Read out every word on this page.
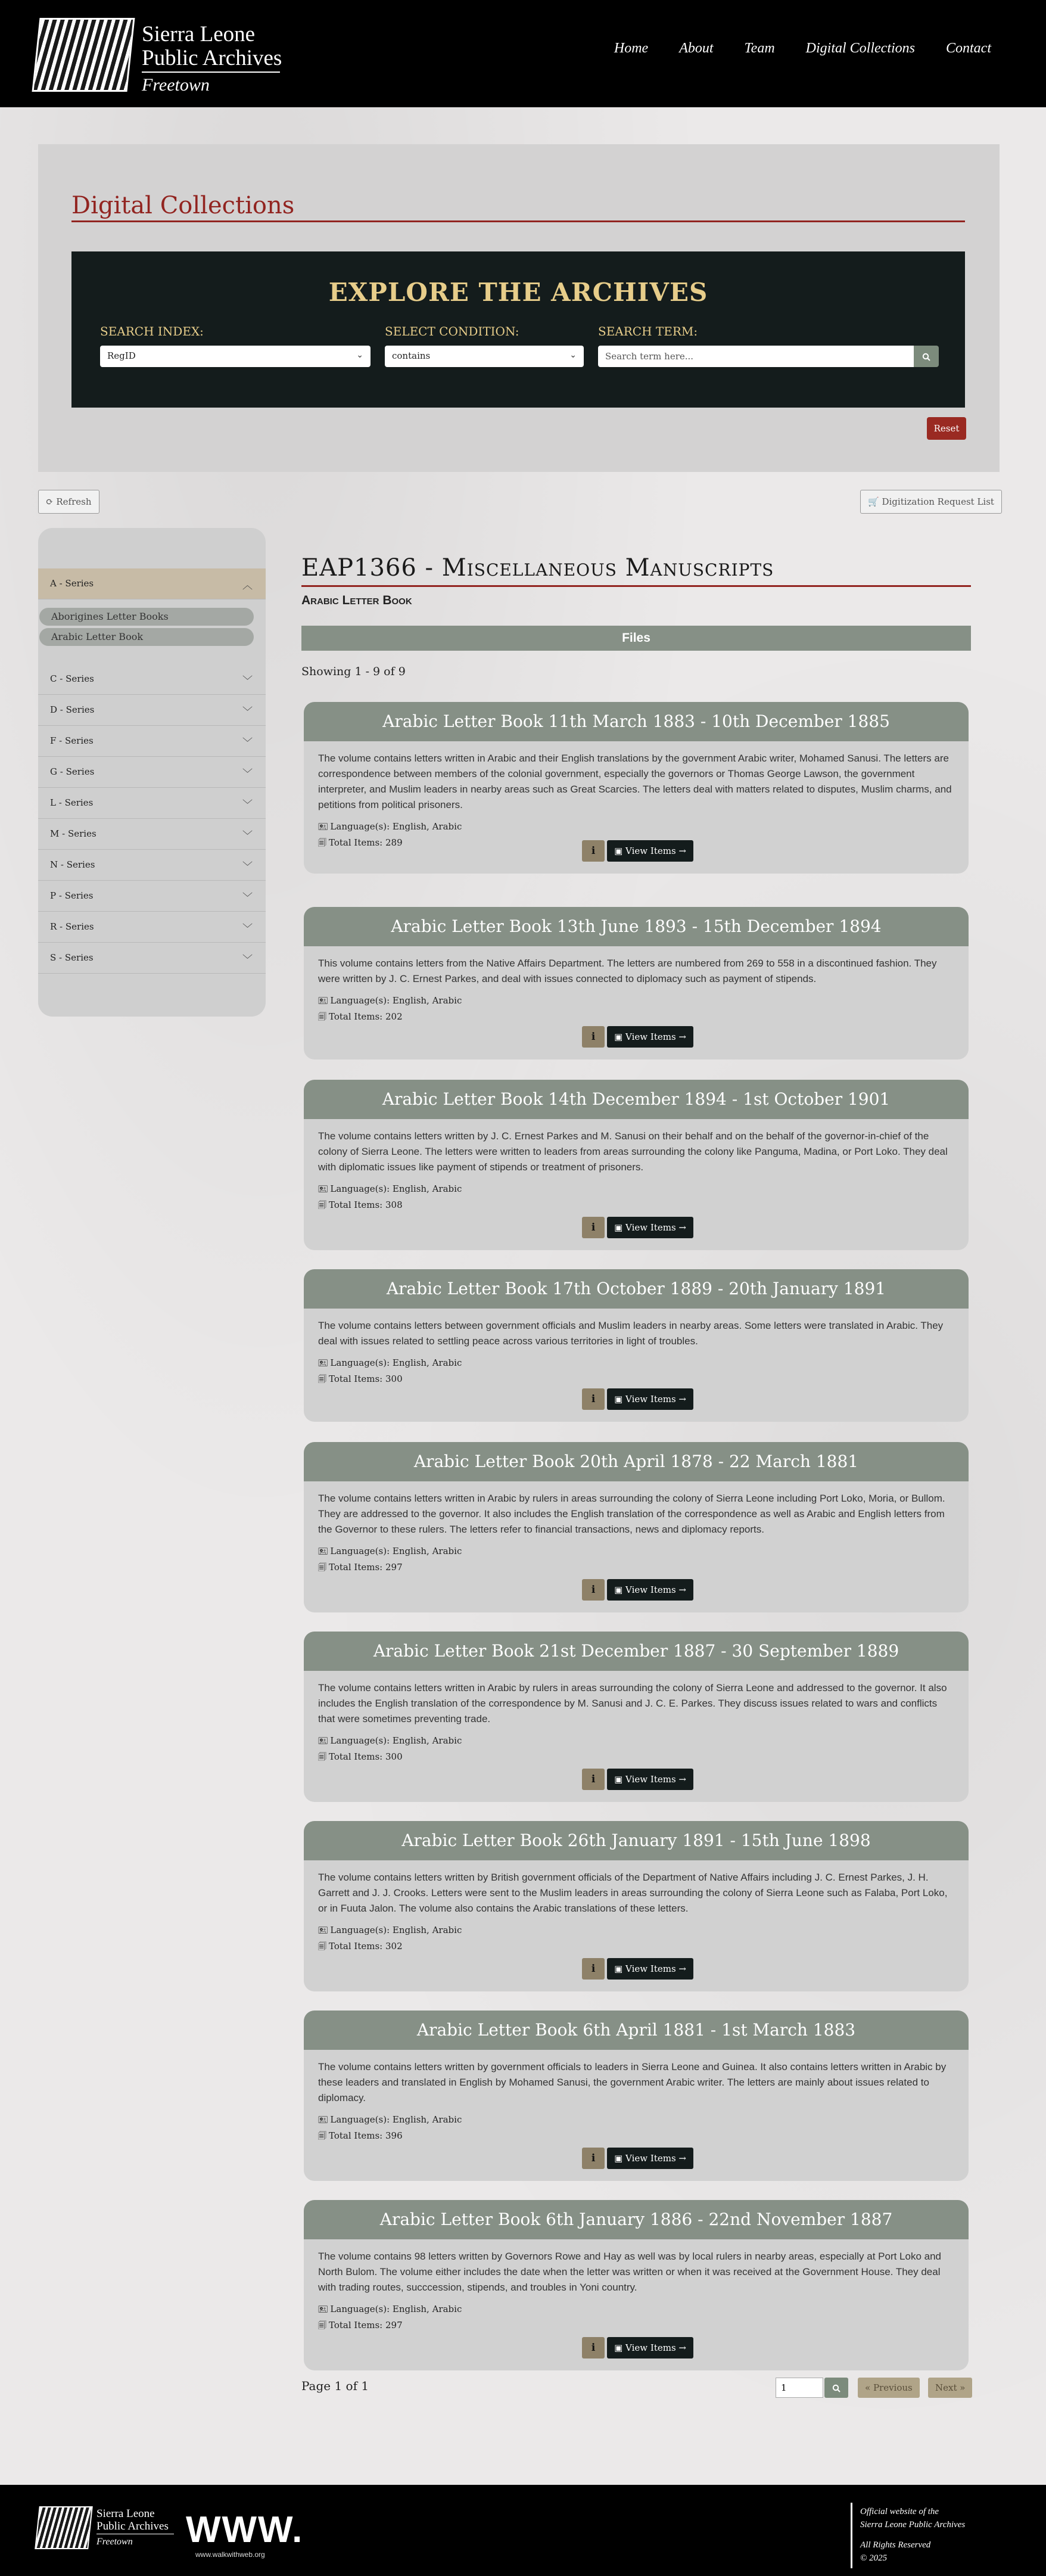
Sierra Leone
Public Archives
Freetown
Home About Team Digital Collections Contact
Digital Collections
EXPLORE THE ARCHIVES
SEARCH INDEX:
RegID	⌄
SELECT CONDITION:
contains	⌄
SEARCH TERM:
Search term here...
Reset
⟳ Refresh	🛒 Digitization Request List
A - Series	︿
Aborigines Letter Books
Arabic Letter Book
C - Series	﹀
D - Series	﹀
F - Series	﹀
G - Series	﹀
L - Series	﹀
M - Series	﹀
N - Series	﹀
P - Series	﹀
R - Series	﹀
S - Series	﹀
EAP1366 - Miscellaneous Manuscripts
Arabic Letter Book
Files
Showing 1 - 9 of 9
Arabic Letter Book 11th March 1883 - 10th December 1885
The volume contains letters written in Arabic and their English translations by the government Arabic writer, Mohamed Sanusi. The letters are correspondence between members of the colonial government, especially the governors or Thomas George Lawson, the government interpreter, and Muslim leaders in nearby areas such as Great Scarcies. The letters deal with matters related to disputes, Muslim charms, and petitions from political prisoners.
🖭 Language(s): English, Arabic
🗐 Total Items: 289
i	▣ View Items →
Arabic Letter Book 13th June 1893 - 15th December 1894
This volume contains letters from the Native Affairs Department. The letters are numbered from 269 to 558 in a discontinued fashion. They were written by J. C. Ernest Parkes, and deal with issues connected to diplomacy such as payment of stipends.
🖭 Language(s): English, Arabic
🗐 Total Items: 202
i	▣ View Items →
Arabic Letter Book 14th December 1894 - 1st October 1901
The volume contains letters written by J. C. Ernest Parkes and M. Sanusi on their behalf and on the behalf of the governor-in-chief of the colony of Sierra Leone. The letters were written to leaders from areas surrounding the colony like Panguma, Madina, or Port Loko. They deal with diplomatic issues like payment of stipends or treatment of prisoners.
🖭 Language(s): English, Arabic
🗐 Total Items: 308
i	▣ View Items →
Arabic Letter Book 17th October 1889 - 20th January 1891
The volume contains letters between government officials and Muslim leaders in nearby areas. Some letters were translated in Arabic. They deal with issues related to settling peace across various territories in light of troubles.
🖭 Language(s): English, Arabic
🗐 Total Items: 300
i	▣ View Items →
Arabic Letter Book 20th April 1878 - 22 March 1881
The volume contains letters written in Arabic by rulers in areas surrounding the colony of Sierra Leone including Port Loko, Moria, or Bullom. They are addressed to the governor. It also includes the English translation of the correspondence as well as Arabic and English letters from the Governor to these rulers. The letters refer to financial transactions, news and diplomacy reports.
🖭 Language(s): English, Arabic
🗐 Total Items: 297
i	▣ View Items →
Arabic Letter Book 21st December 1887 - 30 September 1889
The volume contains letters written in Arabic by rulers in areas surrounding the colony of Sierra Leone and addressed to the governor. It also includes the English translation of the correspondence by M. Sanusi and J. C. E. Parkes. They discuss issues related to wars and conflicts that were sometimes preventing trade.
🖭 Language(s): English, Arabic
🗐 Total Items: 300
i	▣ View Items →
Arabic Letter Book 26th January 1891 - 15th June 1898
The volume contains letters written by British government officials of the Department of Native Affairs including J. C. Ernest Parkes, J. H. Garrett and J. J. Crooks. Letters were sent to the Muslim leaders in areas surrounding the colony of Sierra Leone such as Falaba, Port Loko, or in Fuuta Jalon. The volume also contains the Arabic translations of these letters.
🖭 Language(s): English, Arabic
🗐 Total Items: 302
i	▣ View Items →
Arabic Letter Book 6th April 1881 - 1st March 1883
The volume contains letters written by government officials to leaders in Sierra Leone and Guinea. It also contains letters written in Arabic by these leaders and translated in English by Mohamed Sanusi, the government Arabic writer. The letters are mainly about issues related to diplomacy.
🖭 Language(s): English, Arabic
🗐 Total Items: 396
i	▣ View Items →
Arabic Letter Book 6th January 1886 - 22nd November 1887
The volume contains 98 letters written by Governors Rowe and Hay as well was by local rulers in nearby areas, especially at Port Loko and North Bulom. The volume either includes the date when the letter was written or when it was received at the Government House. They deal with trading routes, succcession, stipends, and troubles in Yoni country.
🖭 Language(s): English, Arabic
🗐 Total Items: 297
i	▣ View Items →
Page 1 of 1
1	« Previous	Next »
Sierra Leone
Public Archives
Freetown	WWW.
www.walkwithweb.org
Official website of the
Sierra Leone Public Archives
All Rights Reserved
© 2025
